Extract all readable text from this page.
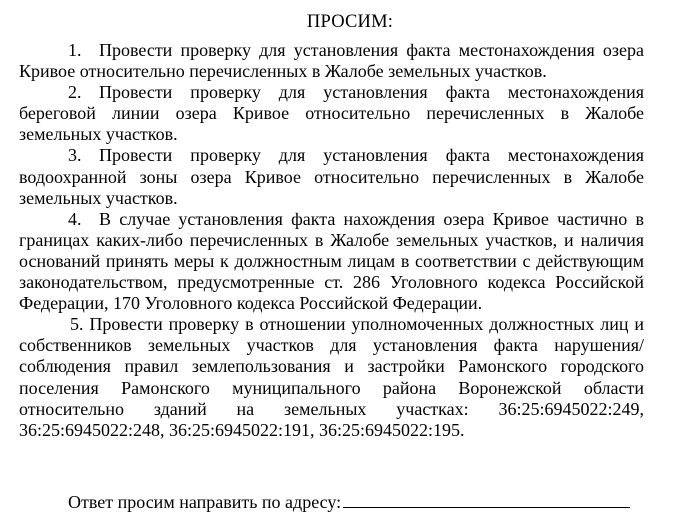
ПРОСИМ:

1. Провести проверку для установления факта местонахождения озера Кривое относительно перечисленных в Жалобе земельных участков.

2. Провести проверку для установления факта местонахождения береговой линии озера Кривое относительно перечисленных в Жалобе земельных участков.

3. Провести проверку для установления факта местонахождения водоохранной зоны озера Кривое относительно перечисленных в Жалобе земельных участков.

4. В случае установления факта нахождения озера Кривое частично в границах каких-либо перечисленных в Жалобе земельных участков, и наличия оснований принять меры к должностным лицам в соответствии с действующим законодательством, предусмотренные ст. 286 Уголовного кодекса Российской Федерации, 170 Уголовного кодекса Российской Федерации.

5. Провести проверку в отношении уполномоченных должностных лиц и собственников земельных участков для установления факта нарушения/соблюдения правил землепользования и застройки Рамонского городского поселения Рамонского муниципального района Воронежской области относительно зданий на земельных участках: 36:25:6945022:249, 36:25:6945022:248, 36:25:6945022:191, 36:25:6945022:195.

Ответ просим направить по адресу:
